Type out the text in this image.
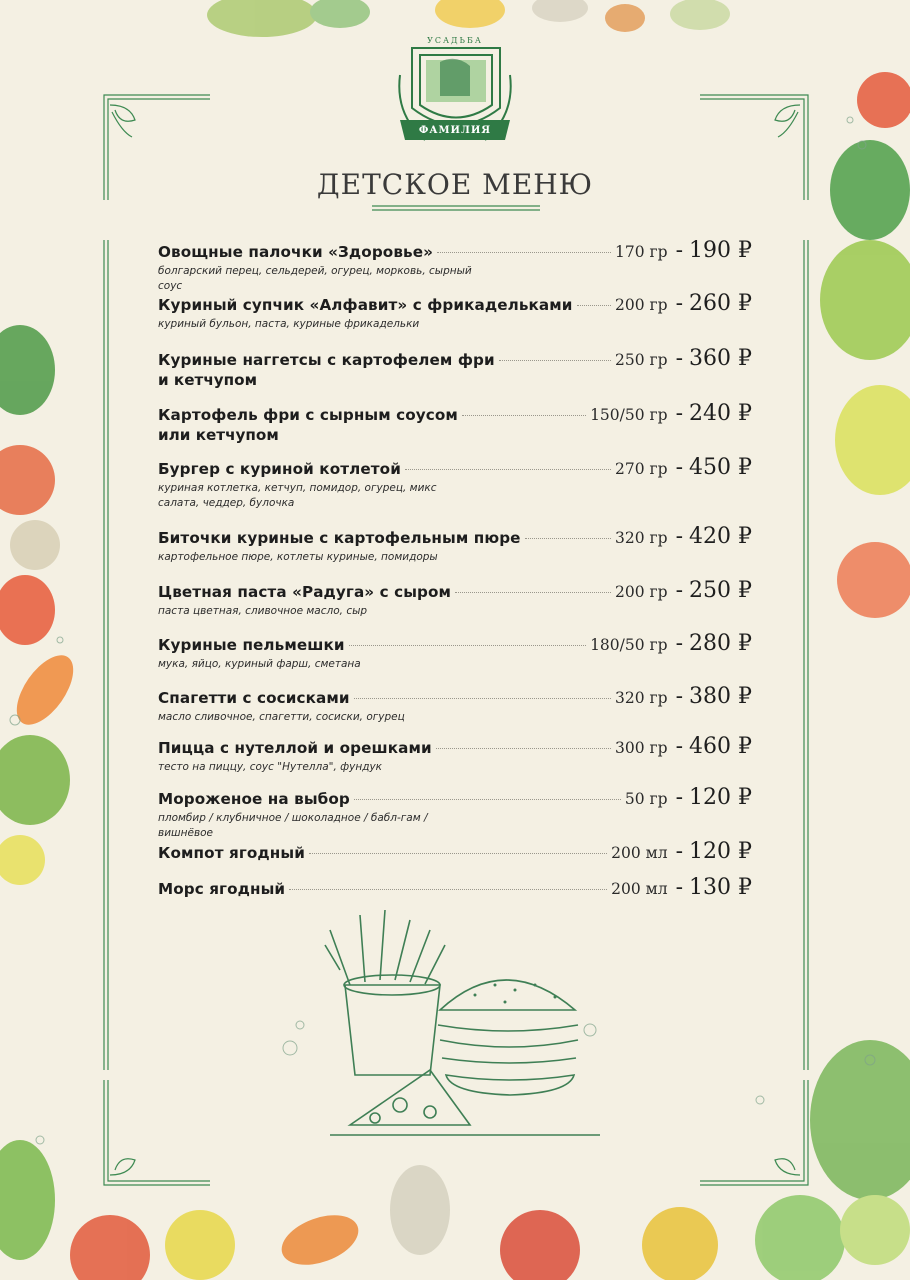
УСАДЬБА
ФАМИЛИЯ
ДЕТСКОЕ МЕНЮ
Овощные палочки «Здоровье»	170 гр - 190 ₽
болгарский перец, сельдерей, огурец, морковь, сырный соус
Куриный супчик «Алфавит» с фрикадельками	200 гр - 260 ₽
куриный бульон, паста, куриные фрикадельки
Куриные наггетсы с картофелем фри	250 гр - 360 ₽
и кетчупом
Картофель фри с сырным соусом	150/50 гр - 240 ₽
или кетчупом
Бургер с куриной котлетой	270 гр - 450 ₽
куриная котлетка, кетчуп, помидор, огурец, микс салата, чеддер, булочка
Биточки куриные с картофельным пюре	320 гр - 420 ₽
картофельное пюре, котлеты куриные, помидоры
Цветная паста «Радуга» с сыром	200 гр - 250 ₽
паста цветная, сливочное масло, сыр
Куриные пельмешки	180/50 гр - 280 ₽
мука, яйцо, куриный фарш, сметана
Спагетти с сосисками	320 гр - 380 ₽
масло сливочное, спагетти, сосиски, огурец
Пицца с нутеллой и орешками	300 гр - 460 ₽
тесто на пиццу, соус "Нутелла", фундук
Мороженое на выбор	50 гр - 120 ₽
пломбир / клубничное / шоколадное / бабл-гам / вишнёвое
Компот ягодный	200 мл - 120 ₽
Морс ягодный	200 мл - 130 ₽
